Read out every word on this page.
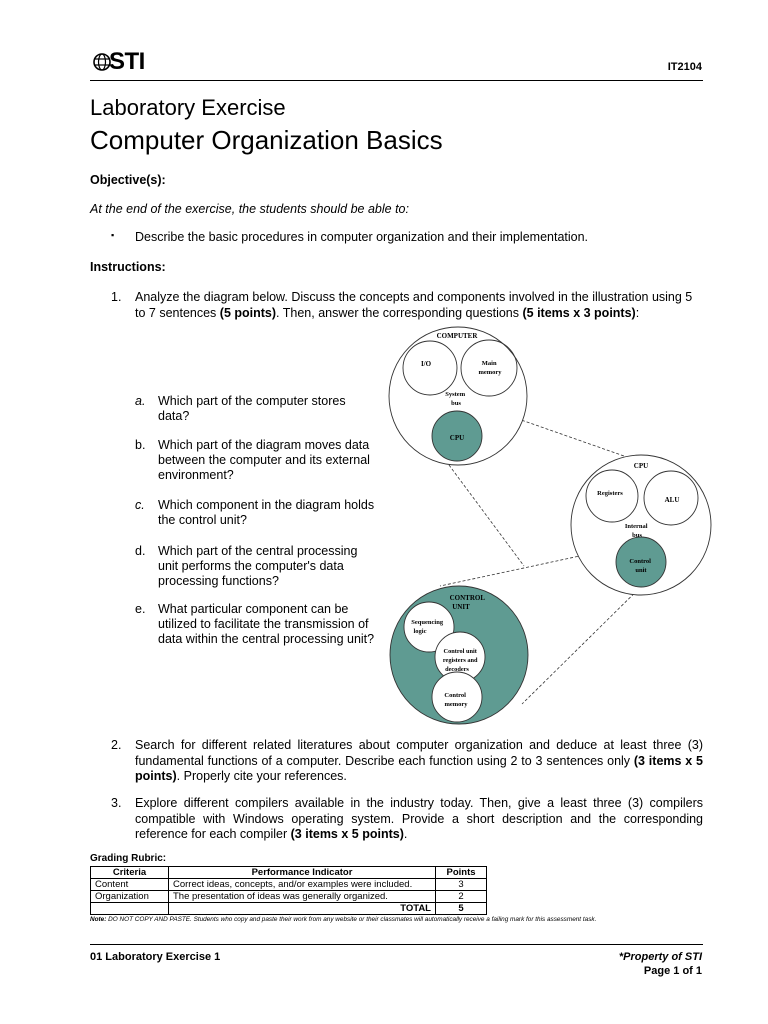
STI	IT2104
Laboratory Exercise
Computer Organization Basics
Objective(s):
At the end of the exercise, the students should be able to:
▪ Describe the basic procedures in computer organization and their implementation.
Instructions:
1. Analyze the diagram below. Discuss the concepts and components involved in the illustration using 5 to 7 sentences (5 points). Then, answer the corresponding questions (5 items x 3 points):
a. Which part of the computer stores data?
b. Which part of the diagram moves data between the computer and its external environment?
c. Which component in the diagram holds the control unit?
d. Which part of the central processing unit performs the computer's data processing functions?
e. What particular component can be utilized to facilitate the transmission of data within the central processing unit?
COMPUTER
I/O	Main memory
System bus
CPU
CPU
Registers
ALU
Internal bus
Control unit
CONTROL UNIT
Sequencing logic
Control unit registers and decoders
Control memory
2. Search for different related literatures about computer organization and deduce at least three (3) fundamental functions of a computer. Describe each function using 2 to 3 sentences only (3 items x 5 points). Properly cite your references.
3. Explore different compilers available in the industry today. Then, give a least three (3) compilers compatible with Windows operating system. Provide a short description and the corresponding reference for each compiler (3 items x 5 points).
Grading Rubric:
Criteria	Performance Indicator	Points
Content	Correct ideas, concepts, and/or examples were included.	3
Organization	The presentation of ideas was generally organized.	2
	TOTAL	5
Note: DO NOT COPY AND PASTE. Students who copy and paste their work from any website or their classmates will automatically receive a failing mark for this assessment task.
01 Laboratory Exercise 1	*Property of STI
Page 1 of 1
